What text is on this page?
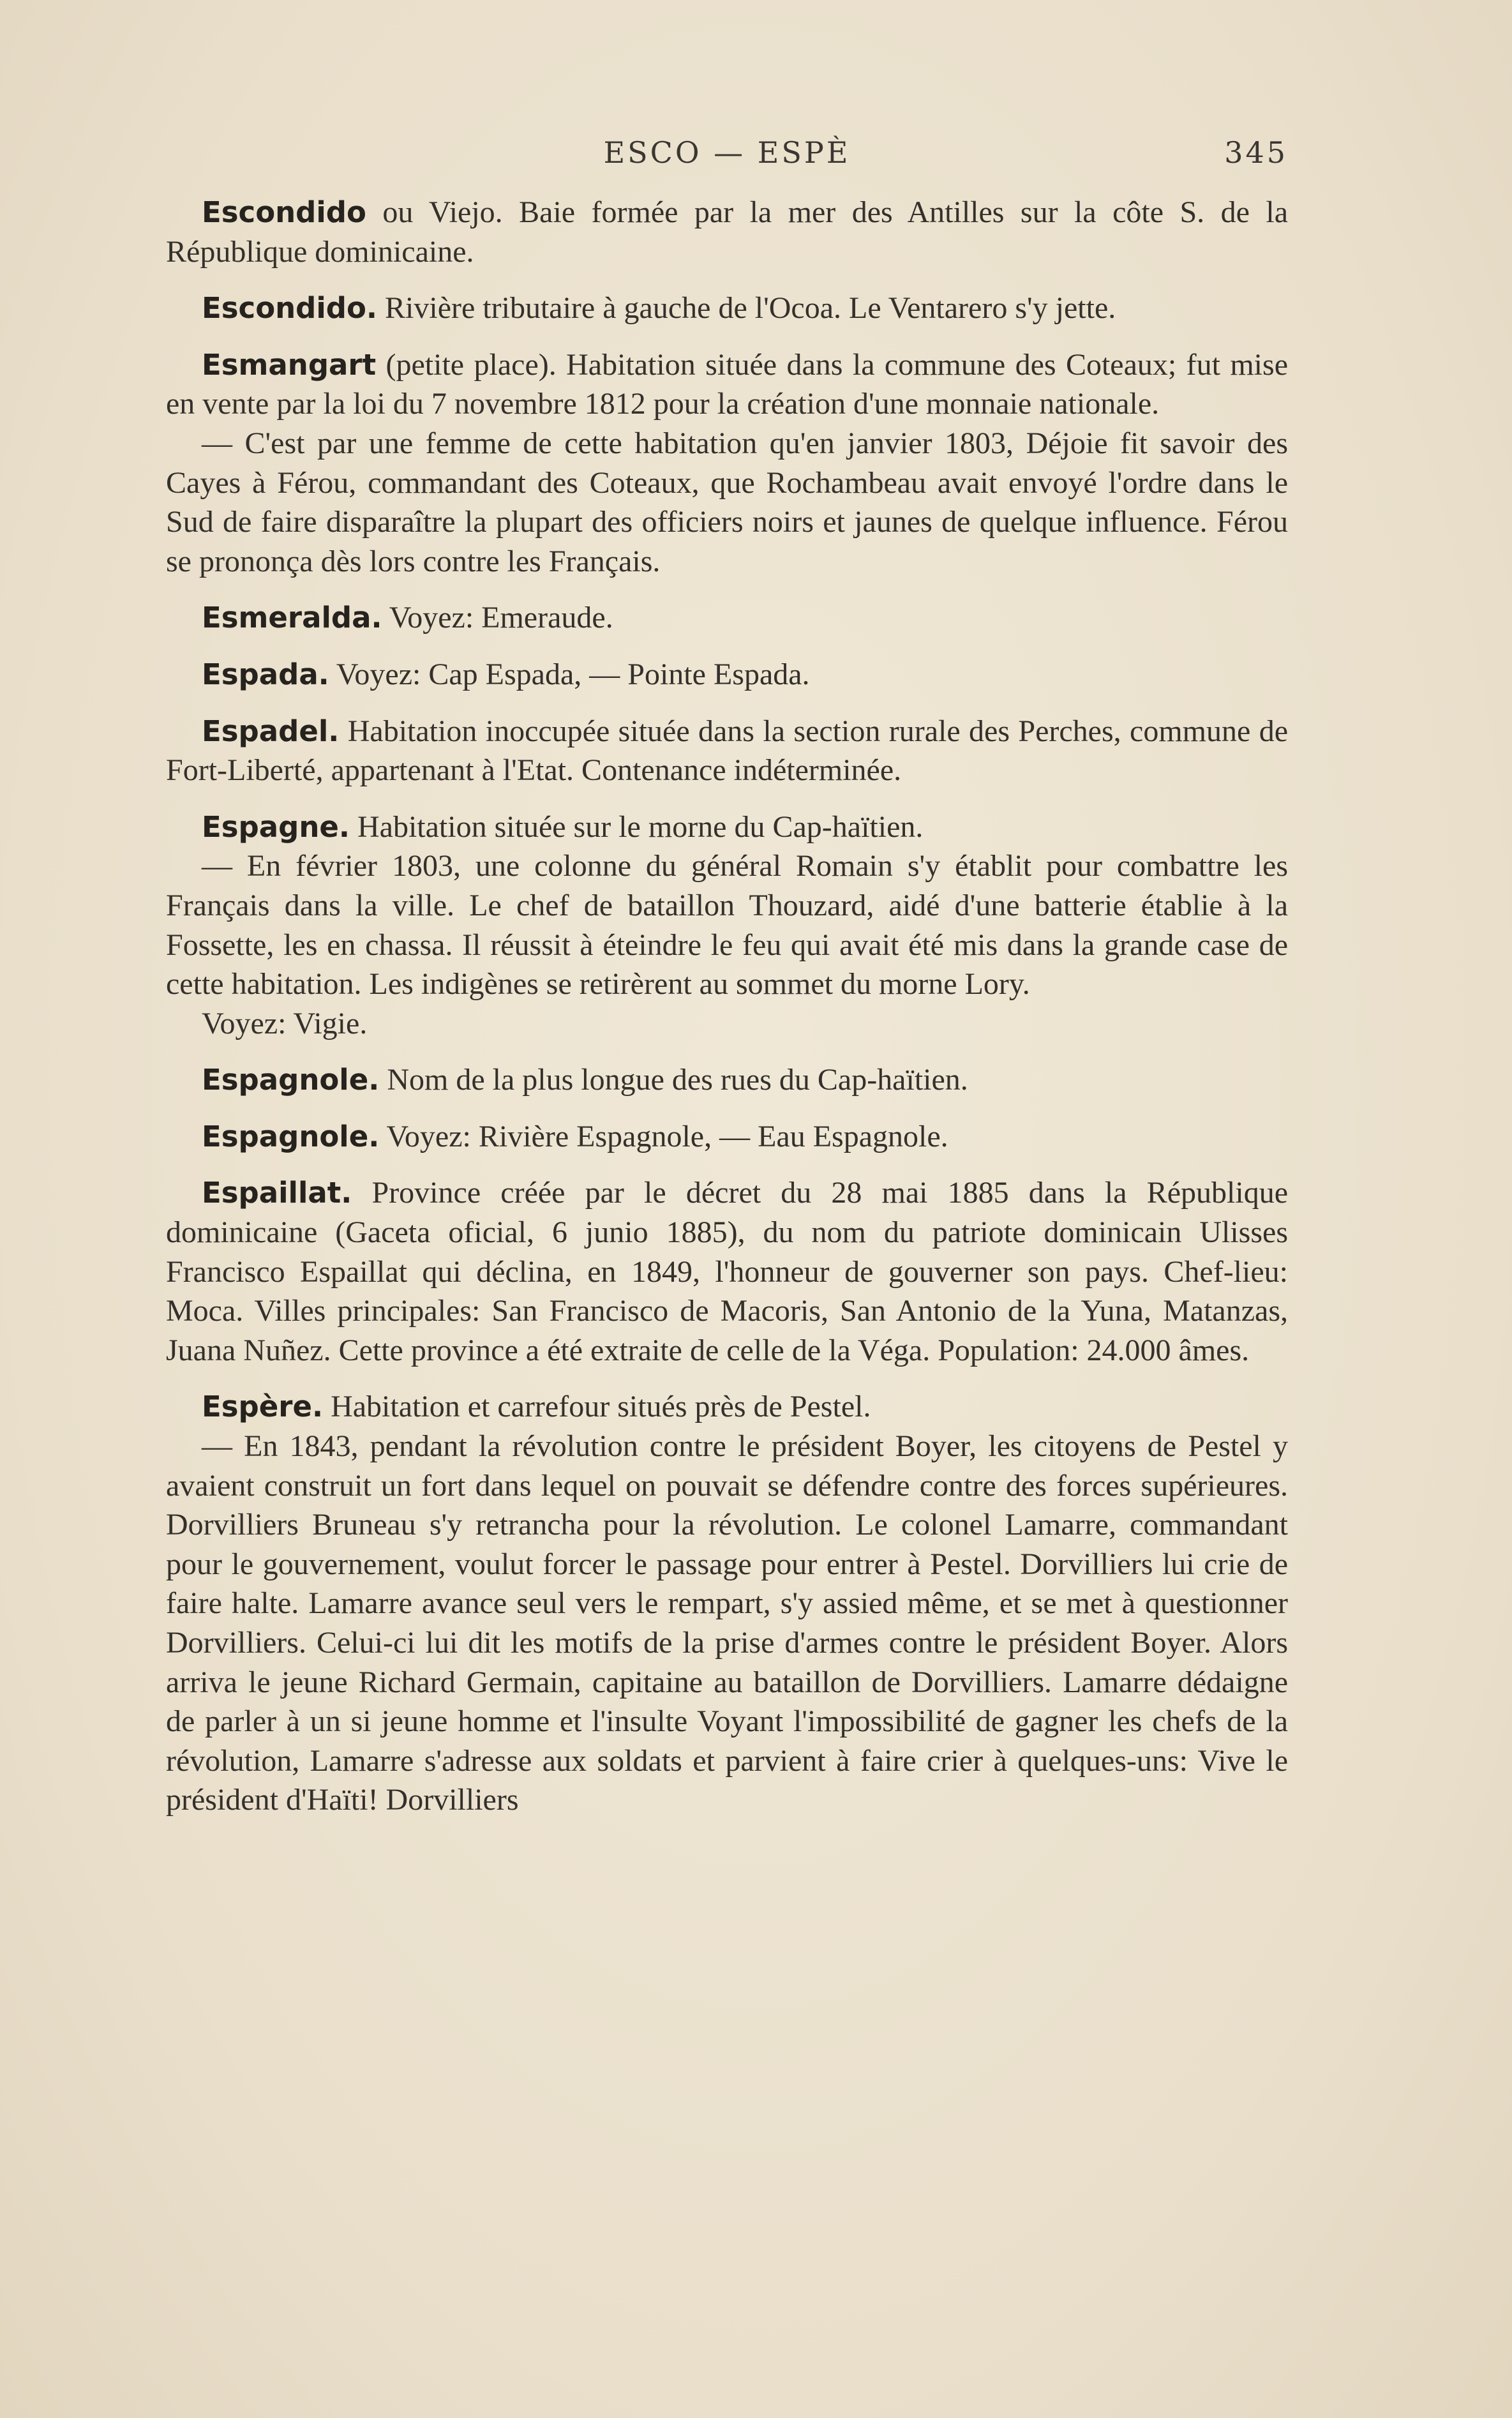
ESCO — ESPÈ	345

Escondido ou Viejo. Baie formée par la mer des Antilles sur la côte S. de la République dominicaine.

Escondido. Rivière tributaire à gauche de l'Ocoa. Le Ventarero s'y jette.

Esmangart (petite place). Habitation située dans la commune des Coteaux; fut mise en vente par la loi du 7 novembre 1812 pour la création d'une monnaie nationale.

— C'est par une femme de cette habitation qu'en janvier 1803, Déjoie fit savoir des Cayes à Férou, commandant des Coteaux, que Rochambeau avait envoyé l'ordre dans le Sud de faire disparaître la plupart des officiers noirs et jaunes de quelque influence. Férou se prononça dès lors contre les Français.

Esmeralda. Voyez: Emeraude.

Espada. Voyez: Cap Espada, — Pointe Espada.

Espadel. Habitation inoccupée située dans la section rurale des Perches, commune de Fort-Liberté, appartenant à l'Etat. Contenance indéterminée.

Espagne. Habitation située sur le morne du Cap-haïtien.

— En février 1803, une colonne du général Romain s'y établit pour combattre les Français dans la ville. Le chef de bataillon Thouzard, aidé d'une batterie établie à la Fossette, les en chassa. Il réussit à éteindre le feu qui avait été mis dans la grande case de cette habitation. Les indigènes se retirèrent au sommet du morne Lory.

Voyez: Vigie.

Espagnole. Nom de la plus longue des rues du Cap-haïtien.

Espagnole. Voyez: Rivière Espagnole, — Eau Espagnole.

Espaillat. Province créée par le décret du 28 mai 1885 dans la République dominicaine (Gaceta oficial, 6 junio 1885), du nom du patriote dominicain Ulisses Francisco Espaillat qui déclina, en 1849, l'honneur de gouverner son pays. Chef-lieu: Moca. Villes principales: San Francisco de Macoris, San Antonio de la Yuna, Matanzas, Juana Nuñez. Cette province a été extraite de celle de la Véga. Population: 24.000 âmes.

Espère. Habitation et carrefour situés près de Pestel.

— En 1843, pendant la révolution contre le président Boyer, les citoyens de Pestel y avaient construit un fort dans lequel on pouvait se défendre contre des forces supérieures. Dorvilliers Bruneau s'y retrancha pour la révolution. Le colonel Lamarre, commandant pour le gouvernement, voulut forcer le passage pour entrer à Pestel. Dorvilliers lui crie de faire halte. Lamarre avance seul vers le rempart, s'y assied même, et se met à questionner Dorvilliers. Celui-ci lui dit les motifs de la prise d'armes contre le président Boyer. Alors arriva le jeune Richard Germain, capitaine au bataillon de Dorvilliers. Lamarre dédaigne de parler à un si jeune homme et l'insulte Voyant l'impossibilité de gagner les chefs de la révolution, Lamarre s'adresse aux soldats et parvient à faire crier à quelques-uns: Vive le président d'Haïti! Dorvilliers
